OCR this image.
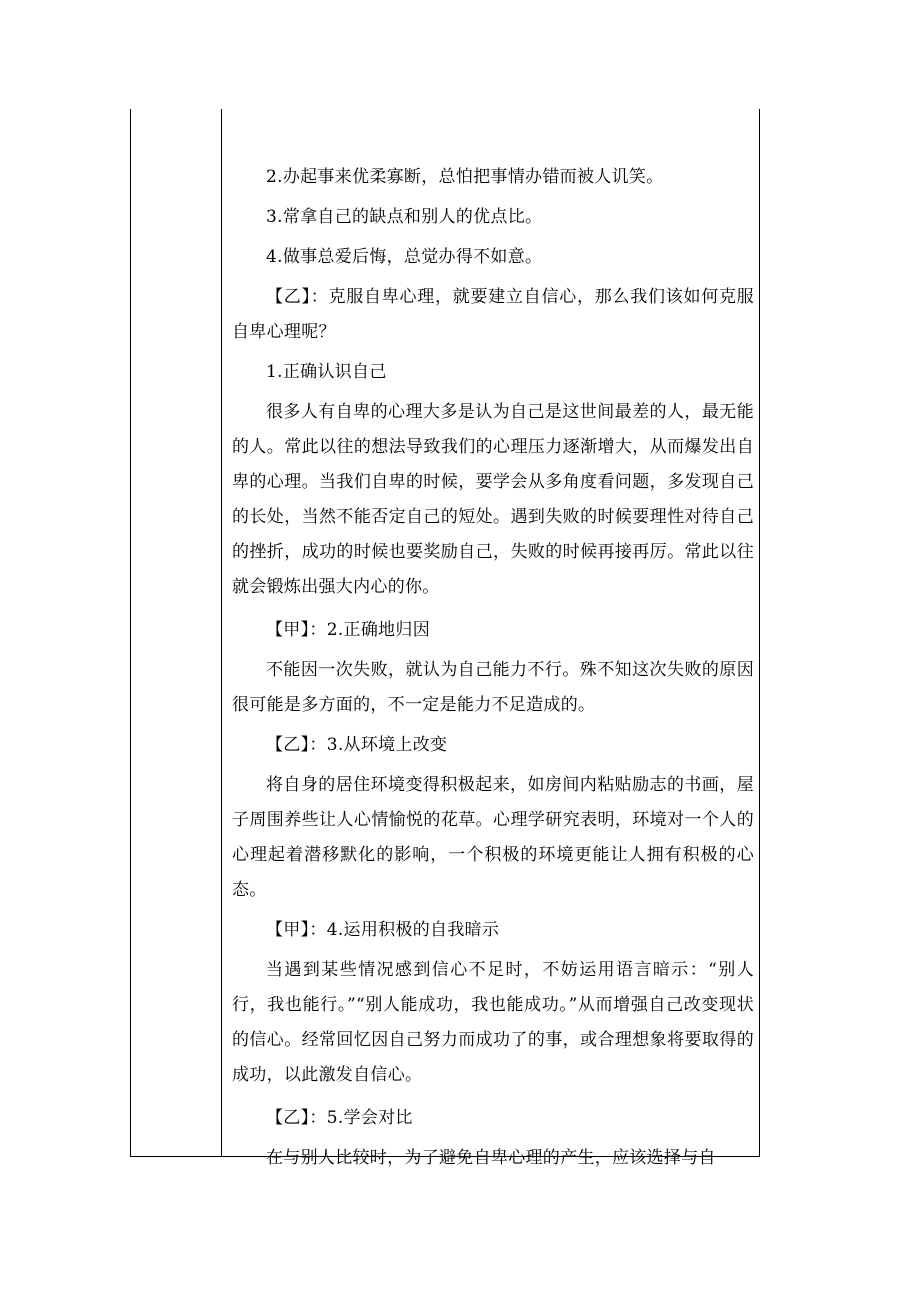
2.办起事来优柔寡断，总怕把事情办错而被人讥笑。

3.常拿自己的缺点和别人的优点比。

4.做事总爱后悔，总觉办得不如意。

【乙】：克服自卑心理，就要建立自信心，那么我们该如何克服自卑心理呢？

1.正确认识自己

很多人有自卑的心理大多是认为自己是这世间最差的人，最无能的人。常此以往的想法导致我们的心理压力逐渐增大，从而爆发出自卑的心理。当我们自卑的时候，要学会从多角度看问题，多发现自己的长处，当然不能否定自己的短处。遇到失败的时候要理性对待自己的挫折，成功的时候也要奖励自己，失败的时候再接再厉。常此以往就会锻炼出强大内心的你。

【甲】：2.正确地归因

不能因一次失败，就认为自己能力不行。殊不知这次失败的原因很可能是多方面的，不一定是能力不足造成的。

【乙】：3.从环境上改变

将自身的居住环境变得积极起来，如房间内粘贴励志的书画，屋子周围养些让人心情愉悦的花草。心理学研究表明，环境对一个人的心理起着潜移默化的影响，一个积极的环境更能让人拥有积极的心态。

【甲】：4.运用积极的自我暗示

当遇到某些情况感到信心不足时，不妨运用语言暗示：“别人行，我也能行。”“别人能成功，我也能成功。”从而增强自己改变现状的信心。经常回忆因自己努力而成功了的事，或合理想象将要取得的成功，以此激发自信心。

【乙】：5.学会对比

在与别人比较时，为了避免自卑心理的产生，应该选择与自
